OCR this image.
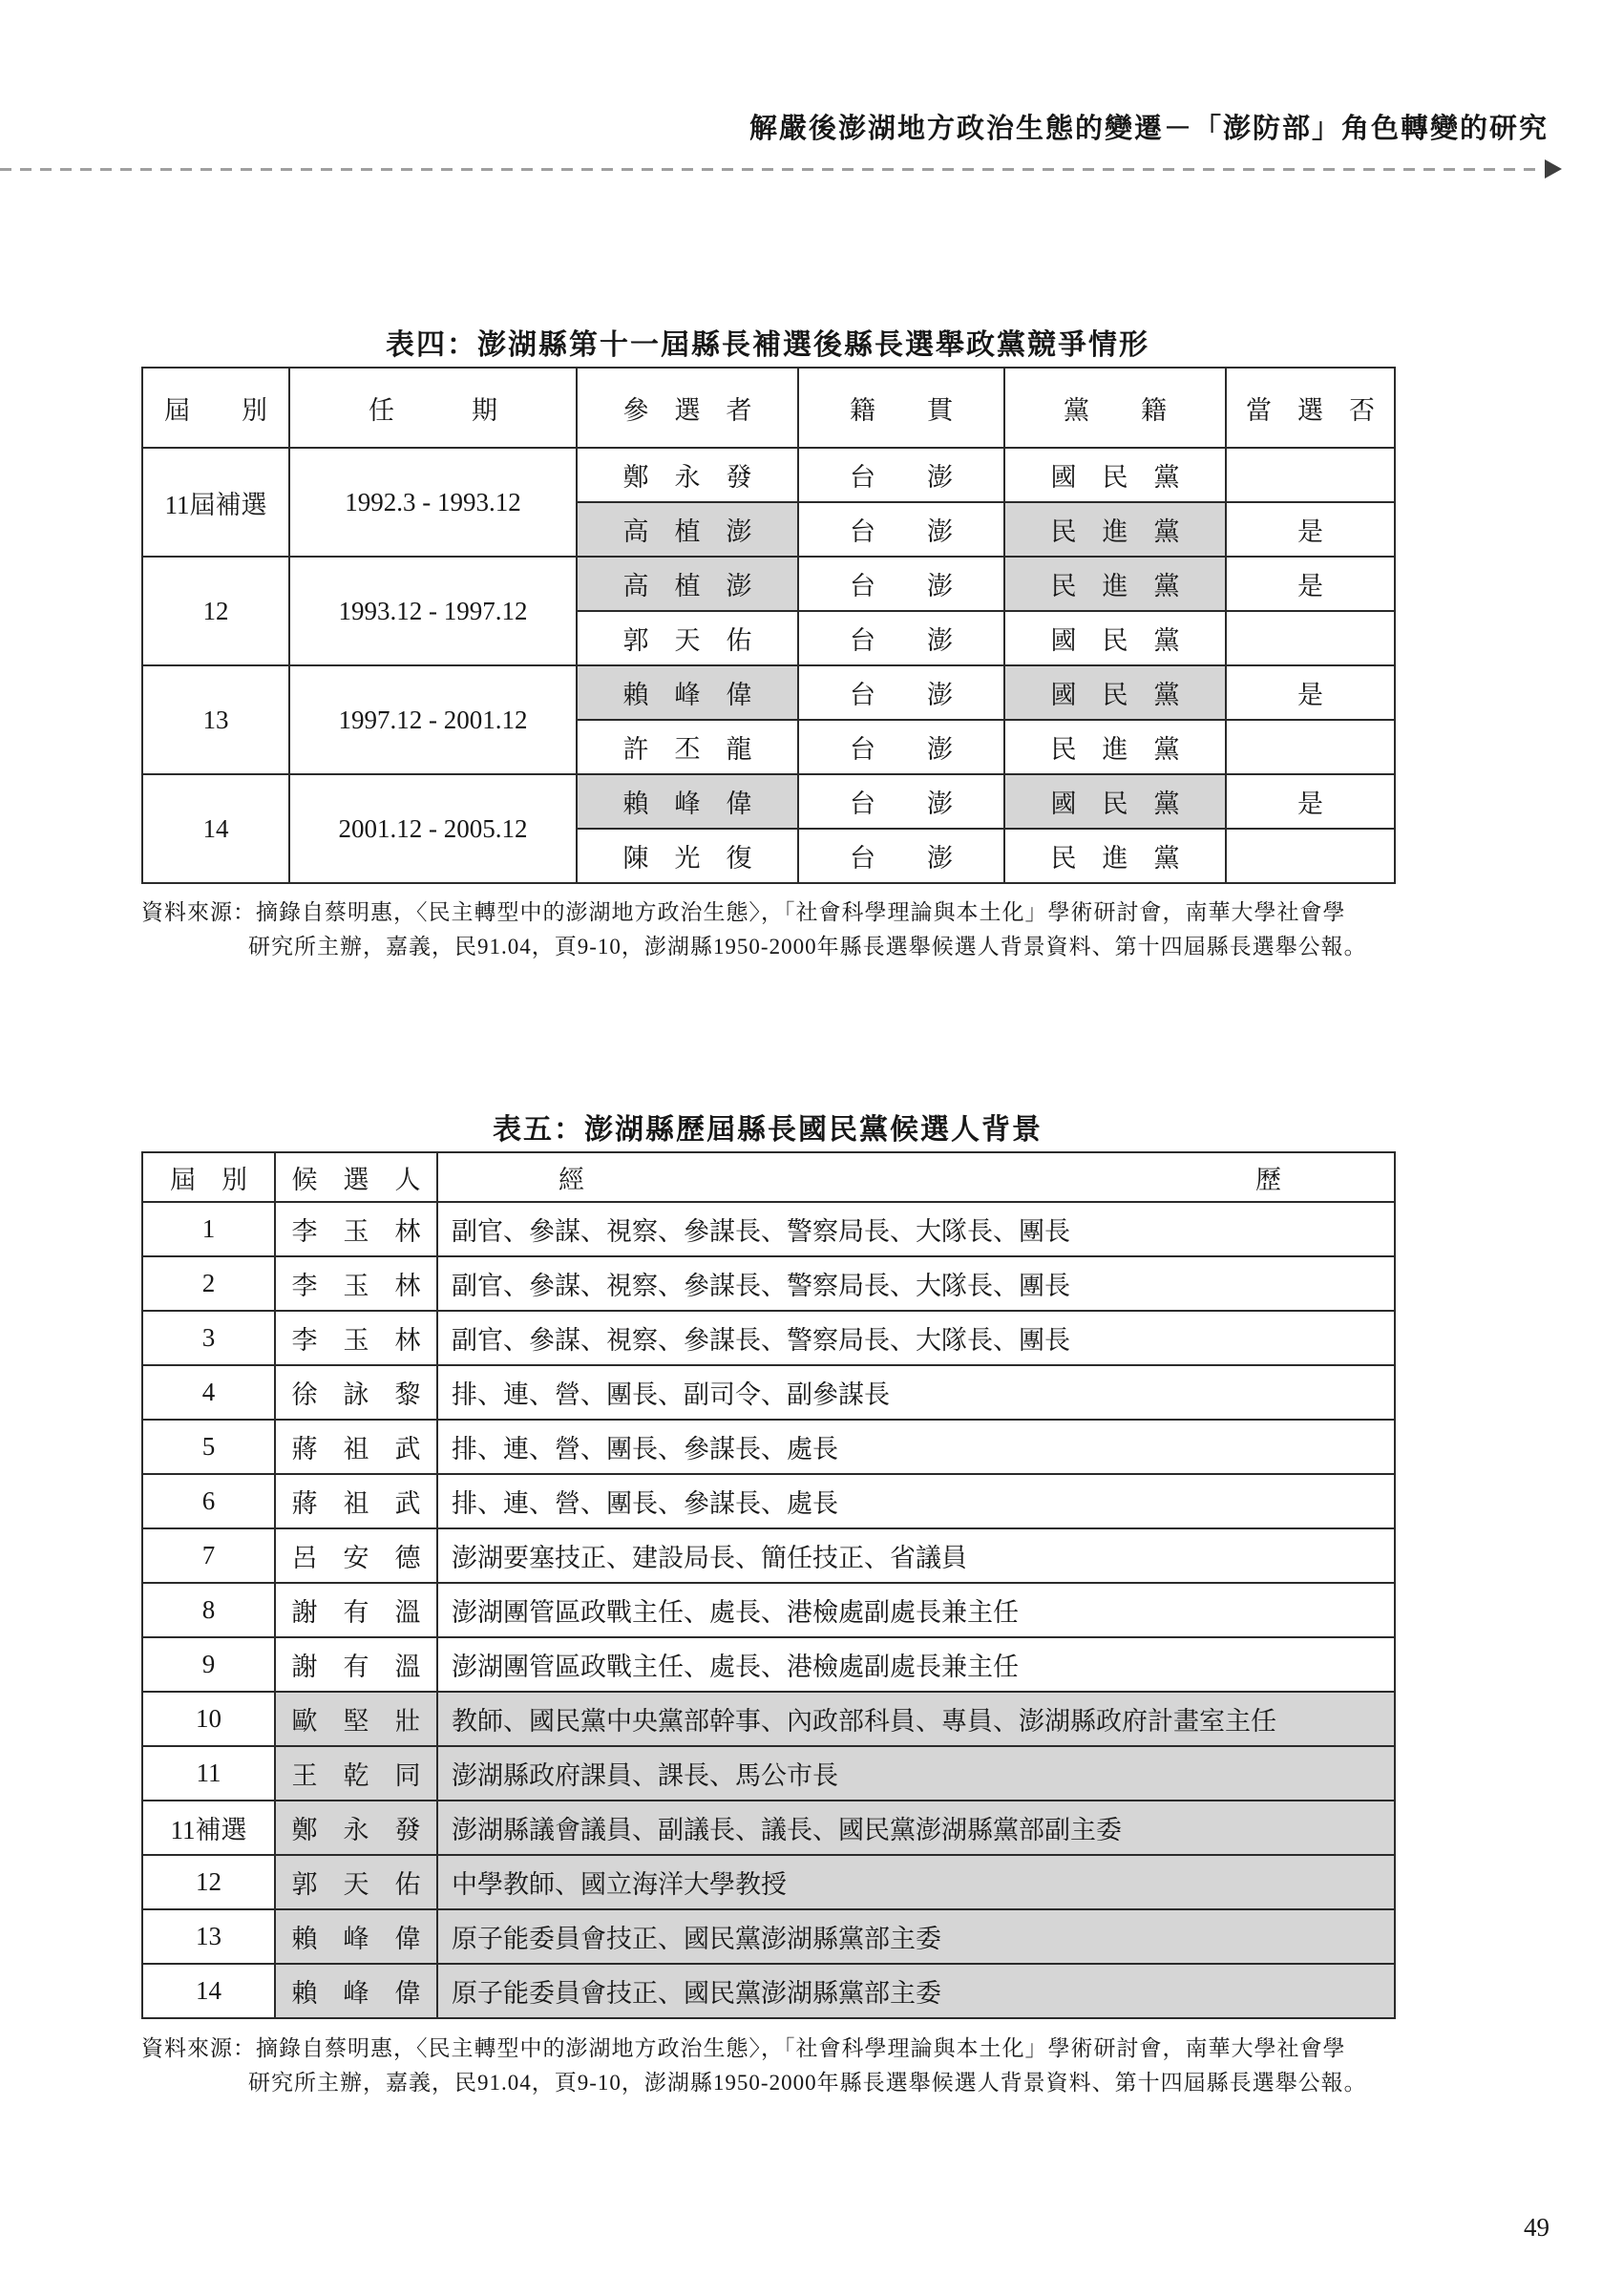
解嚴後澎湖地方政治生態的變遷－「澎防部」角色轉變的研究
表四：澎湖縣第十一屆縣長補選後縣長選舉政黨競爭情形
屆　　別	任　　　期	參　選　者	籍　　貫	黨　　籍	當　選　否
11屆補選	1992.3 - 1993.12	鄭　永　發	台　　澎	國　民　黨	
		高　植　澎	台　　澎	民　進　黨	是
12	1993.12 - 1997.12	高　植　澎	台　　澎	民　進　黨	是
		郭　天　佑	台　　澎	國　民　黨	
13	1997.12 - 2001.12	賴　峰　偉	台　　澎	國　民　黨	是
		許　丕　龍	台　　澎	民　進　黨	
14	2001.12 - 2005.12	賴　峰　偉	台　　澎	國　民　黨	是
		陳　光　復	台　　澎	民　進　黨	
資料來源：摘錄自蔡明惠，〈民主轉型中的澎湖地方政治生態〉，「社會科學理論與本土化」學術研討會，南華大學社會學
研究所主辦，嘉義，民91.04，頁9-10，澎湖縣1950-2000年縣長選舉候選人背景資料、第十四屆縣長選舉公報。
表五：澎湖縣歷屆縣長國民黨候選人背景
屆　別	候　選　人	經 歷

1	李　玉　林	副官、參謀、視察、參謀長、警察局長、大隊長、團長
2	李　玉　林	副官、參謀、視察、參謀長、警察局長、大隊長、團長
3	李　玉　林	副官、參謀、視察、參謀長、警察局長、大隊長、團長
4	徐　詠　黎	排、連、營、團長、副司令、副參謀長
5	蔣　祖　武	排、連、營、團長、參謀長、處長
6	蔣　祖　武	排、連、營、團長、參謀長、處長
7	呂　安　德	澎湖要塞技正、建設局長、簡任技正、省議員
8	謝　有　溫	澎湖團管區政戰主任、處長、港檢處副處長兼主任
9	謝　有　溫	澎湖團管區政戰主任、處長、港檢處副處長兼主任
10	歐　堅　壯	教師、國民黨中央黨部幹事、內政部科員、專員、澎湖縣政府計畫室主任
11	王　乾　同	澎湖縣政府課員、課長、馬公市長
11補選	鄭　永　發	澎湖縣議會議員、副議長、議長、國民黨澎湖縣黨部副主委
12	郭　天　佑	中學教師、國立海洋大學教授
13	賴　峰　偉	原子能委員會技正、國民黨澎湖縣黨部主委
14	賴　峰　偉	原子能委員會技正、國民黨澎湖縣黨部主委
資料來源：摘錄自蔡明惠，〈民主轉型中的澎湖地方政治生態〉，「社會科學理論與本土化」學術研討會，南華大學社會學
研究所主辦，嘉義，民91.04，頁9-10，澎湖縣1950-2000年縣長選舉候選人背景資料、第十四屆縣長選舉公報。
49
